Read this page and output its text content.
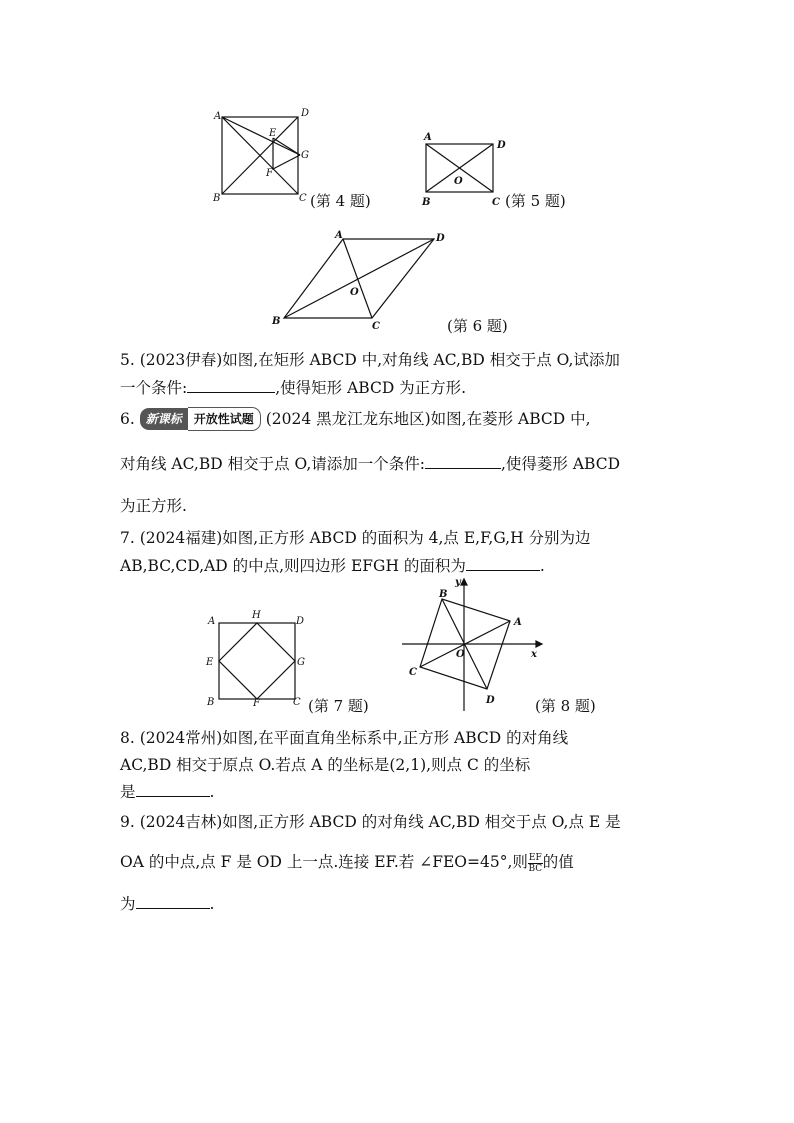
A
B	C
D
E
F
G
(第 4 题)
A
B	C
D
O
(第 5 题)
A
B	C
D
O
(第 6 题)
5. (2023伊春)如图,在矩形 ABCD 中,对角线 AC,BD 相交于点 O,试添加
一个条件:	,使得矩形 ABCD 为正方形.
6. 新课标 开放性试题 (2024 黑龙江龙东地区)如图,在菱形 ABCD 中,
对角线 AC,BD 相交于点 O,请添加一个条件:	,使得菱形 ABCD
为正方形.
7. (2024福建)如图,正方形 ABCD 的面积为 4,点 E,F,G,H 分别为边
AB,BC,CD,AD 的中点,则四边形 EFGH 的面积为	.
A
B	C
D
E
F
G
H
(第 7 题)
A
B
C
D
O	x
y
(第 8 题)
8. (2024常州)如图,在平面直角坐标系中,正方形 ABCD 的对角线
AC,BD 相交于原点 O.若点 A 的坐标是(2,1),则点 C 的坐标
是	.
9. (2024吉林)如图,正方形 ABCD 的对角线 AC,BD 相交于点 O,点 E 是
OA 的中点,点 F 是 OD 上一点.连接 EF.若 ∠FEO=45°,则 $\frac{EF}{BC}$ 的值
为	.
